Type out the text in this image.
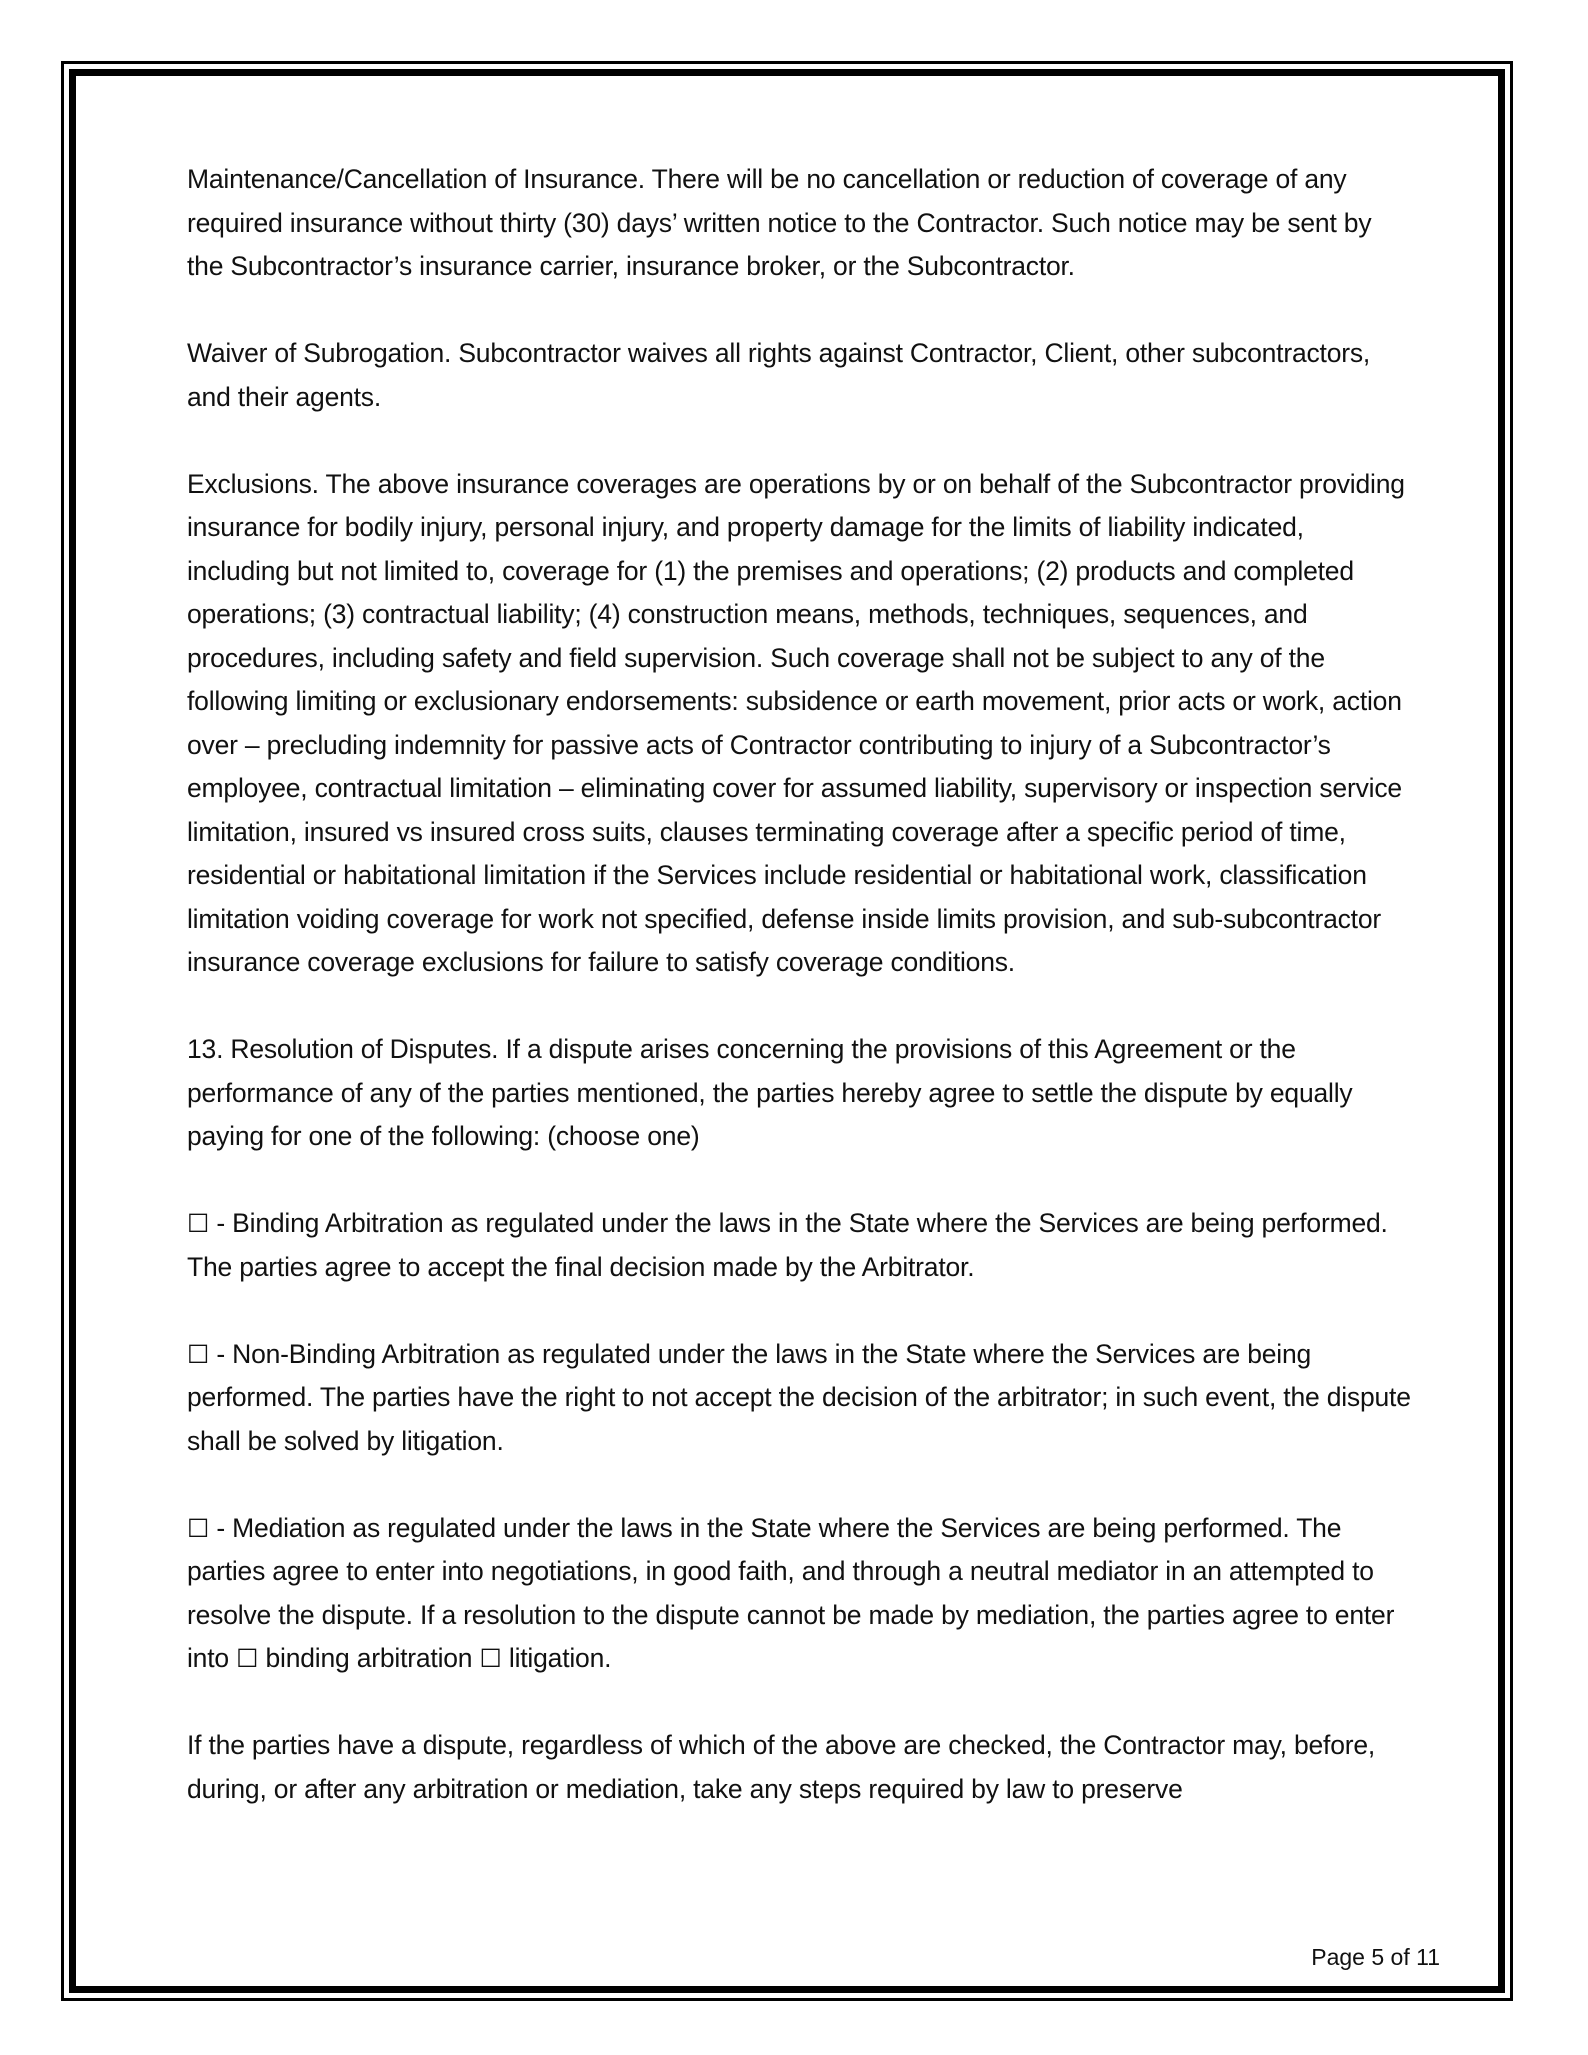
Maintenance/Cancellation of Insurance. There will be no cancellation or reduction of coverage of any required insurance without thirty (30) days’ written notice to the Contractor. Such notice may be sent by the Subcontractor’s insurance carrier, insurance broker, or the Subcontractor.

Waiver of Subrogation. Subcontractor waives all rights against Contractor, Client, other subcontractors, and their agents.

Exclusions. The above insurance coverages are operations by or on behalf of the Subcontractor providing insurance for bodily injury, personal injury, and property damage for the limits of liability indicated, including but not limited to, coverage for (1) the premises and operations; (2) products and completed operations; (3) contractual liability; (4) construction means, methods, techniques, sequences, and procedures, including safety and field supervision. Such coverage shall not be subject to any of the following limiting or exclusionary endorsements: subsidence or earth movement, prior acts or work, action over – precluding indemnity for passive acts of Contractor contributing to injury of a Subcontractor’s employee, contractual limitation – eliminating cover for assumed liability, supervisory or inspection service limitation, insured vs insured cross suits, clauses terminating coverage after a specific period of time, residential or habitational limitation if the Services include residential or habitational work, classification limitation voiding coverage for work not specified, defense inside limits provision, and sub-subcontractor insurance coverage exclusions for failure to satisfy coverage conditions.

13. Resolution of Disputes. If a dispute arises concerning the provisions of this Agreement or the performance of any of the parties mentioned, the parties hereby agree to settle the dispute by equally paying for one of the following: (choose one)

☐ - Binding Arbitration as regulated under the laws in the State where the Services are being performed. The parties agree to accept the final decision made by the Arbitrator.

☐ - Non-Binding Arbitration as regulated under the laws in the State where the Services are being performed. The parties have the right to not accept the decision of the arbitrator; in such event, the dispute shall be solved by litigation.

☐ - Mediation as regulated under the laws in the State where the Services are being performed. The parties agree to enter into negotiations, in good faith, and through a neutral mediator in an attempted to resolve the dispute. If a resolution to the dispute cannot be made by mediation, the parties agree to enter into ☐ binding arbitration ☐ litigation.

If the parties have a dispute, regardless of which of the above are checked, the Contractor may, before, during, or after any arbitration or mediation, take any steps required by law to preserve

Page 5 of 11
